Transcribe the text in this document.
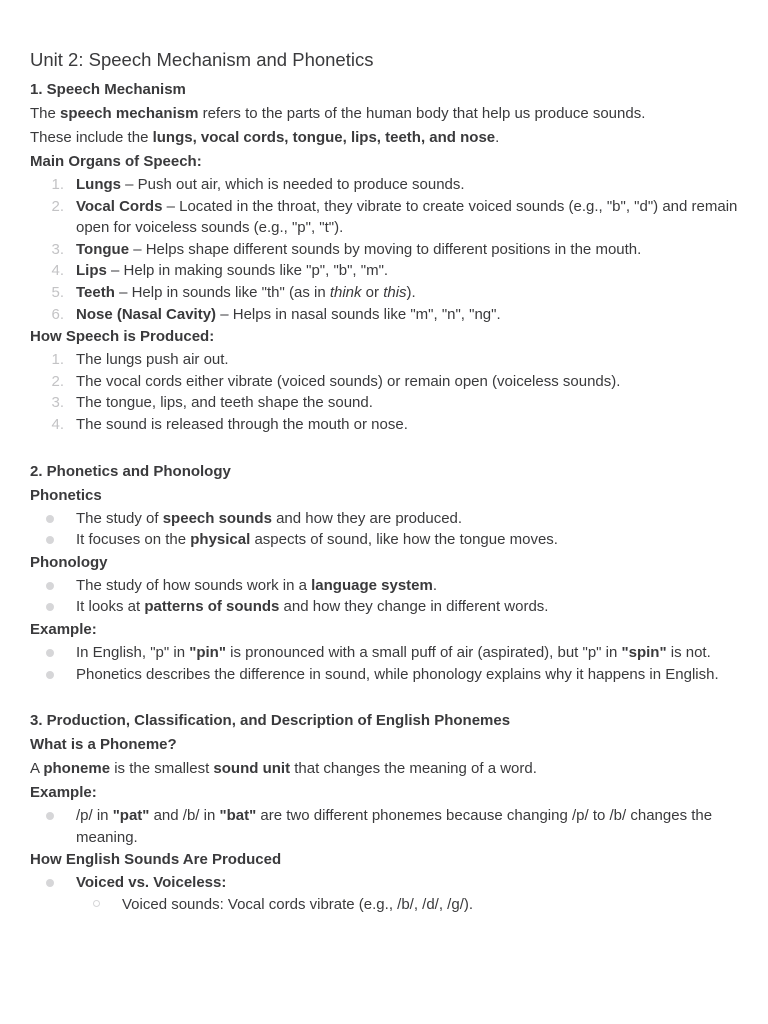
Unit 2: Speech Mechanism and Phonetics
1. Speech Mechanism
The speech mechanism refers to the parts of the human body that help us produce sounds.
These include the lungs, vocal cords, tongue, lips, teeth, and nose.
Main Organs of Speech:
1. Lungs – Push out air, which is needed to produce sounds.
2. Vocal Cords – Located in the throat, they vibrate to create voiced sounds (e.g., "b", "d") and remain open for voiceless sounds (e.g., "p", "t").
3. Tongue – Helps shape different sounds by moving to different positions in the mouth.
4. Lips – Help in making sounds like "p", "b", "m".
5. Teeth – Help in sounds like "th" (as in think or this).
6. Nose (Nasal Cavity) – Helps in nasal sounds like "m", "n", "ng".
How Speech is Produced:
1. The lungs push air out.
2. The vocal cords either vibrate (voiced sounds) or remain open (voiceless sounds).
3. The tongue, lips, and teeth shape the sound.
4. The sound is released through the mouth or nose.
2. Phonetics and Phonology
Phonetics
The study of speech sounds and how they are produced.
It focuses on the physical aspects of sound, like how the tongue moves.
Phonology
The study of how sounds work in a language system.
It looks at patterns of sounds and how they change in different words.
Example:
In English, "p" in "pin" is pronounced with a small puff of air (aspirated), but "p" in "spin" is not.
Phonetics describes the difference in sound, while phonology explains why it happens in English.
3. Production, Classification, and Description of English Phonemes
What is a Phoneme?
A phoneme is the smallest sound unit that changes the meaning of a word.
Example:
/p/ in "pat" and /b/ in "bat" are two different phonemes because changing /p/ to /b/ changes the meaning.
How English Sounds Are Produced
Voiced vs. Voiceless:
Voiced sounds: Vocal cords vibrate (e.g., /b/, /d/, /g/).
